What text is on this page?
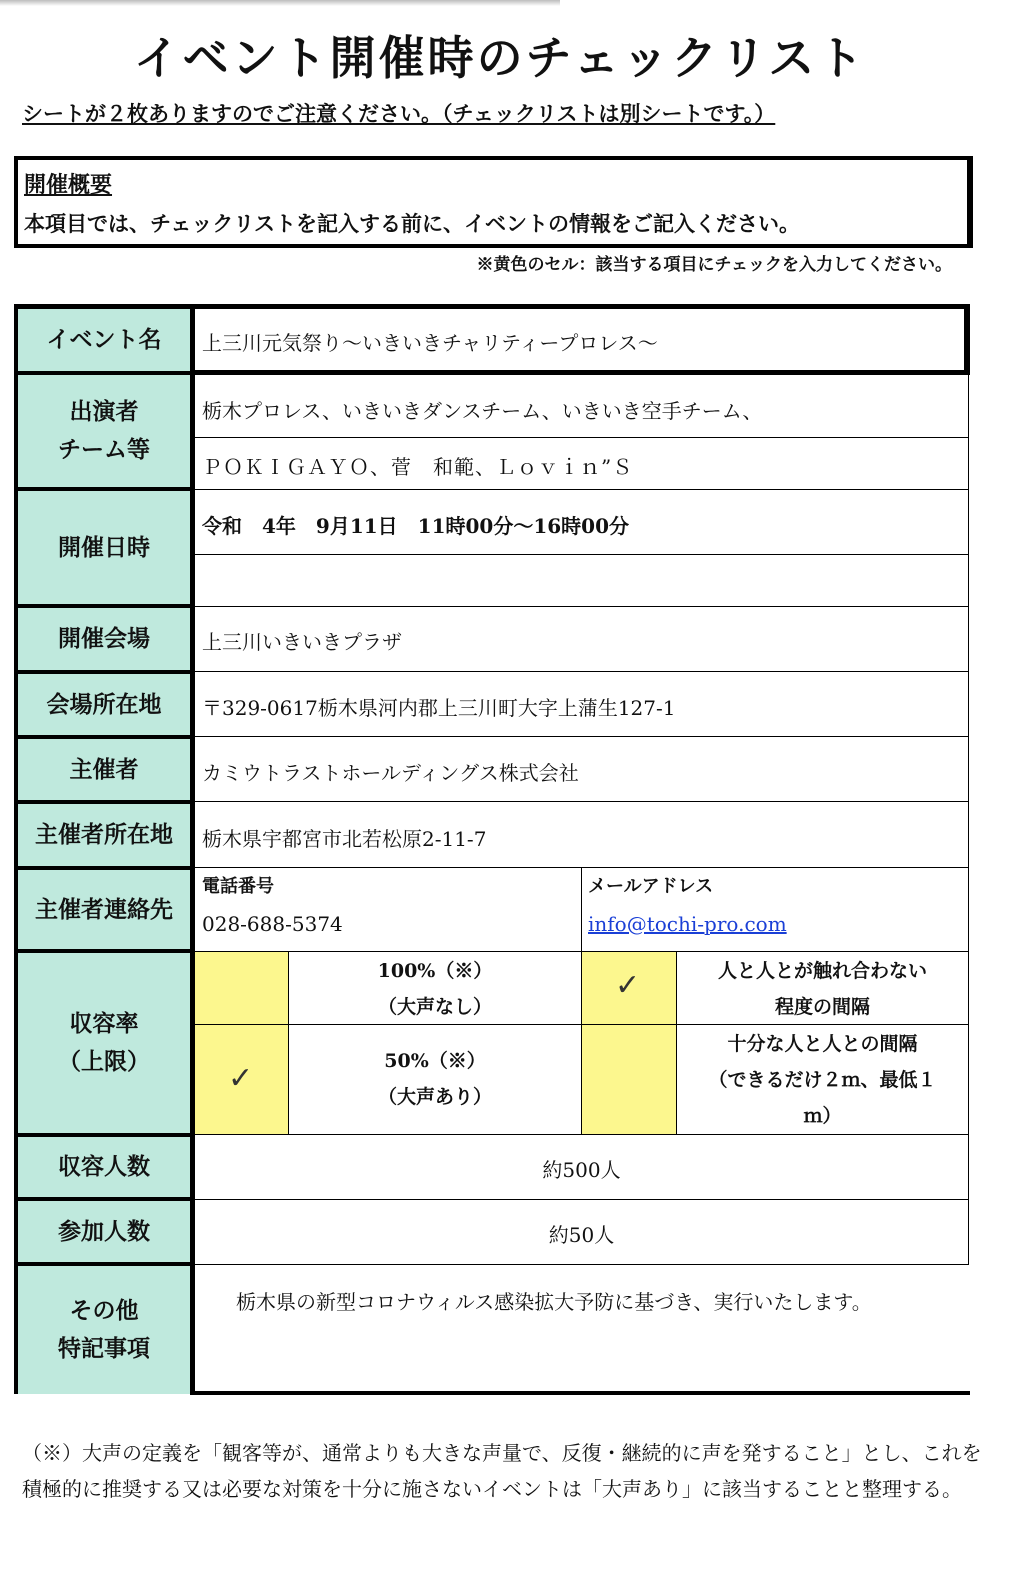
イベント開催時のチェックリスト
シートが２枚ありますのでご注意ください。（チェックリストは別シートです。）
開催概要
本項目では、チェックリストを記入する前に、イベントの情報をご記入ください。
※黄色のセル：該当する項目にチェックを入力してください。
イベント名
出演者
チーム等
開催日時
開催会場
会場所在地
主催者
主催者所在地
主催者連絡先
収容率
（上限）
収容人数
参加人数
その他
特記事項
上三川元気祭り～いきいきチャリティープロレス～
栃木プロレス、いきいきダンスチーム、いきいき空手チーム、
ＰＯＫＩＧＡＹＯ、菅　和範、Ｌｏｖｉｎ”Ｓ
令和　4年　9月11日　11時00分～16時00分
上三川いきいきプラザ
〒329-0617栃木県河内郡上三川町大字上蒲生127-1
カミウトラストホールディングス株式会社
栃木県宇都宮市北若松原2-11-7
電話番号
028-688-5374
メールアドレス
info@tochi-pro.com
✓
✓
100%（※）
（大声なし）
50%（※）
（大声あり）
人と人とが触れ合わない
程度の間隔
十分な人と人との間隔
（できるだけ２ｍ、最低１
ｍ）
約500人
約50人
栃木県の新型コロナウィルス感染拡大予防に基づき、実行いたします。
（※）大声の定義を「観客等が、通常よりも大きな声量で、反復・継続的に声を発すること」とし、これを積極的に推奨する又は必要な対策を十分に施さないイベントは「大声あり」に該当することと整理する。
